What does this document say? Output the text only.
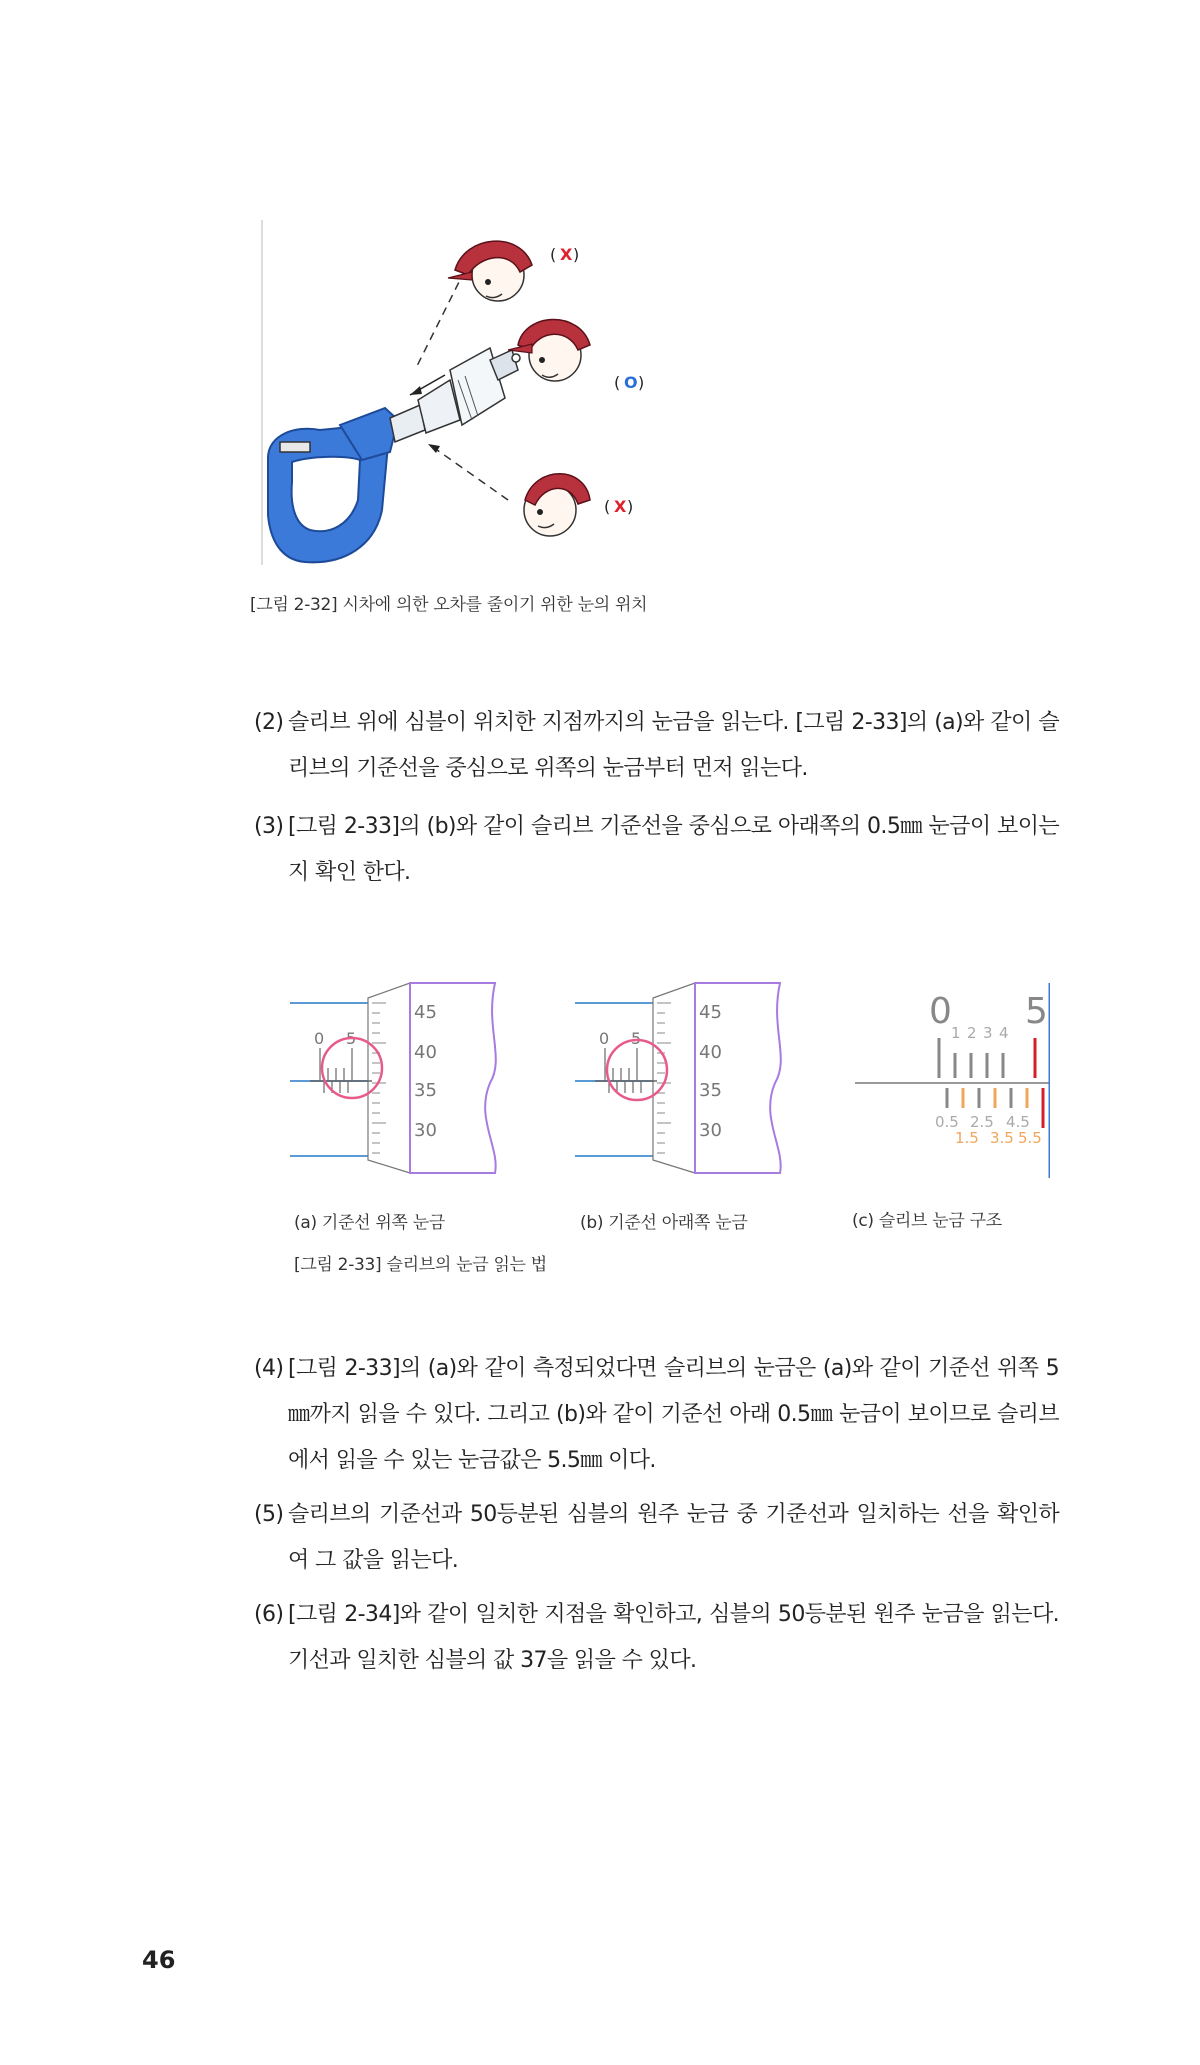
( X )
( O )
( X )
[그림 2-32] 시차에 의한 오차를 줄이기 위한 눈의 위치
(2) 슬리브 위에 심블이 위치한 지점까지의 눈금을 읽는다. [그림 2-33]의 (a)와 같이 슬리브의 기준선을 중심으로 위쪽의 눈금부터 먼저 읽는다.
(3) [그림 2-33]의 (b)와 같이 슬리브 기준선을 중심으로 아래쪽의 0.5㎜ 눈금이 보이는지 확인 한다.
45
40
35
30
0 5
45
40
35
30
0 5
0 5
1 2 3 4
0.5 2.5 4.5
1.5 3.5 5.5
(a) 기준선 위쪽 눈금	(b) 기준선 아래쪽 눈금	(c) 슬리브 눈금 구조
[그림 2-33] 슬리브의 눈금 읽는 법
(4) [그림 2-33]의 (a)와 같이 측정되었다면 슬리브의 눈금은 (a)와 같이 기준선 위쪽 5㎜까지 읽을 수 있다. 그리고 (b)와 같이 기준선 아래 0.5㎜ 눈금이 보이므로 슬리브에서 읽을 수 있는 눈금값은 5.5㎜ 이다.
(5) 슬리브의 기준선과 50등분된 심블의 원주 눈금 중 기준선과 일치하는 선을 확인하여 그 값을 읽는다.
(6) [그림 2-34]와 같이 일치한 지점을 확인하고, 심블의 50등분된 원주 눈금을 읽는다. 기선과 일치한 심블의 값 37을 읽을 수 있다.
46
